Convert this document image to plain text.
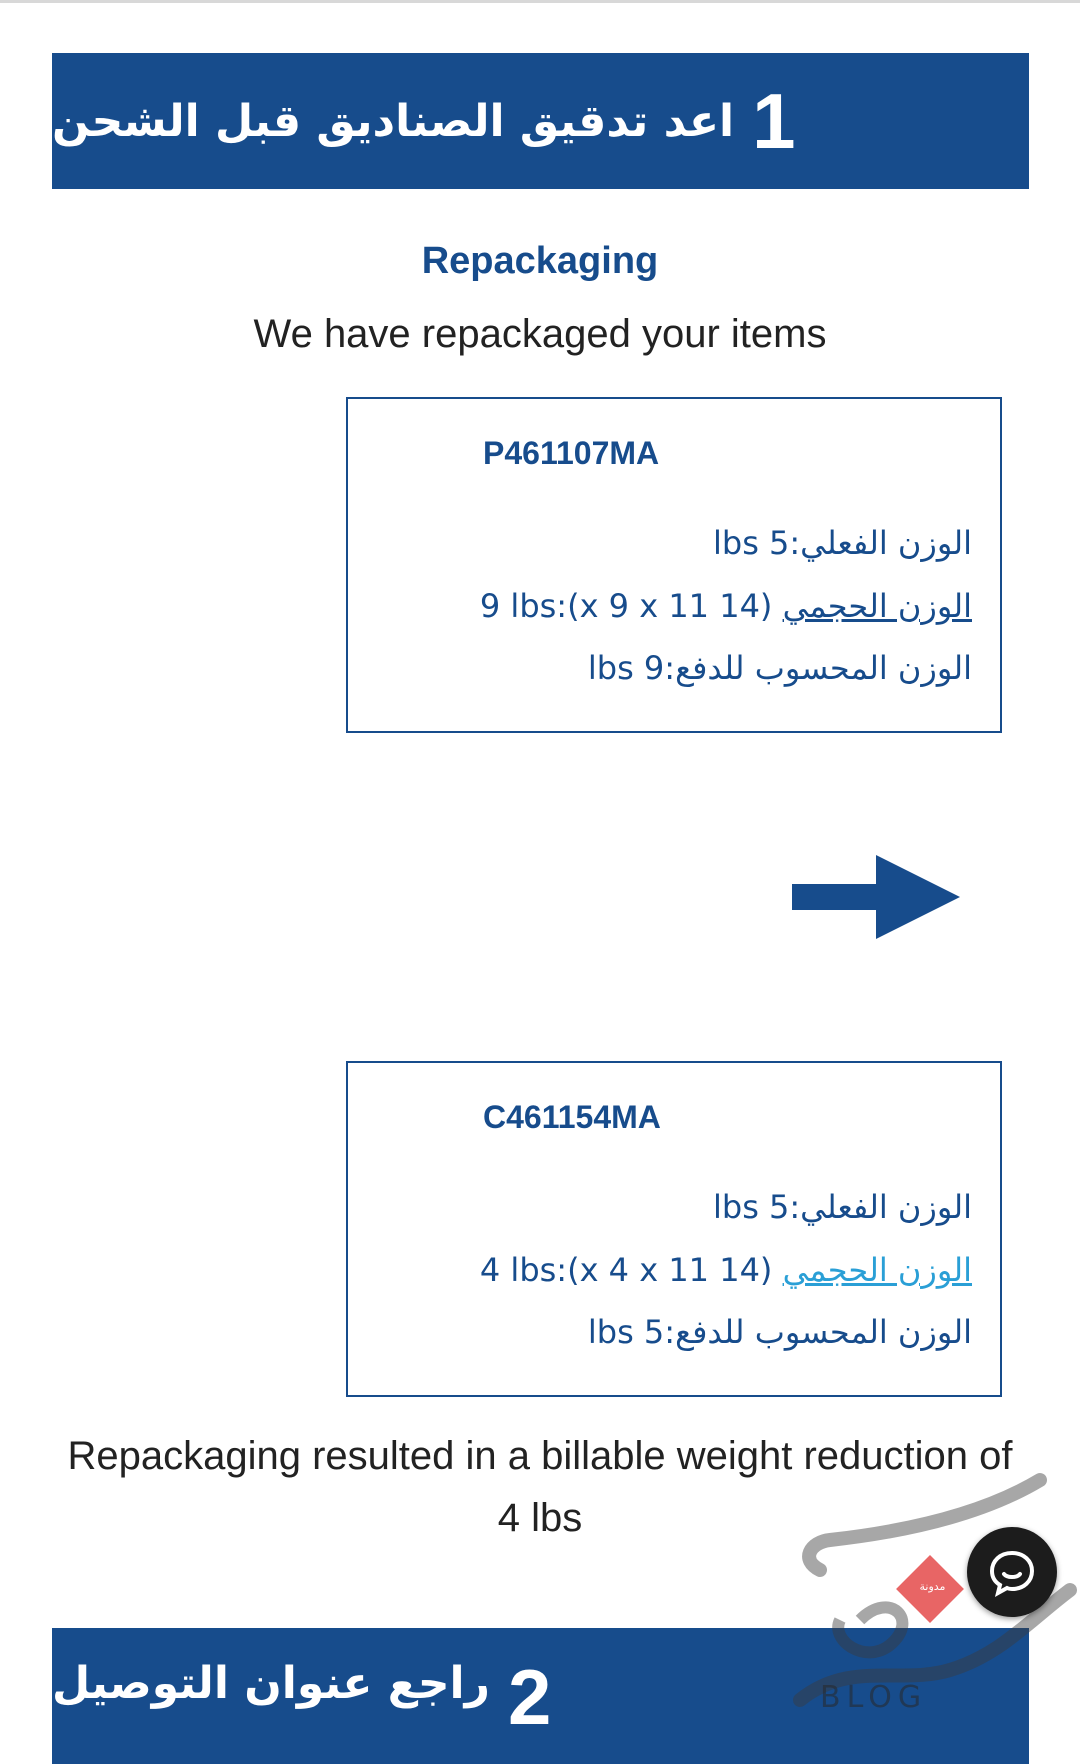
1
اعد تدقيق الصناديق قبل الشحن
Repackaging
We have repackaged your items
P461107MA
الوزن الفعلي:5 lbs
الوزن الحجمي (14 x 9 x 11):9 lbs
الوزن المحسوب للدفع:9 lbs
C461154MA
الوزن الفعلي:5 lbs
الوزن الحجمي (14 x 4 x 11):4 lbs
الوزن المحسوب للدفع:5 lbs
Repackaging resulted in a billable weight reduction of 4 lbs
2
راجع عنوان التوصيل
مدونة
BLOG
